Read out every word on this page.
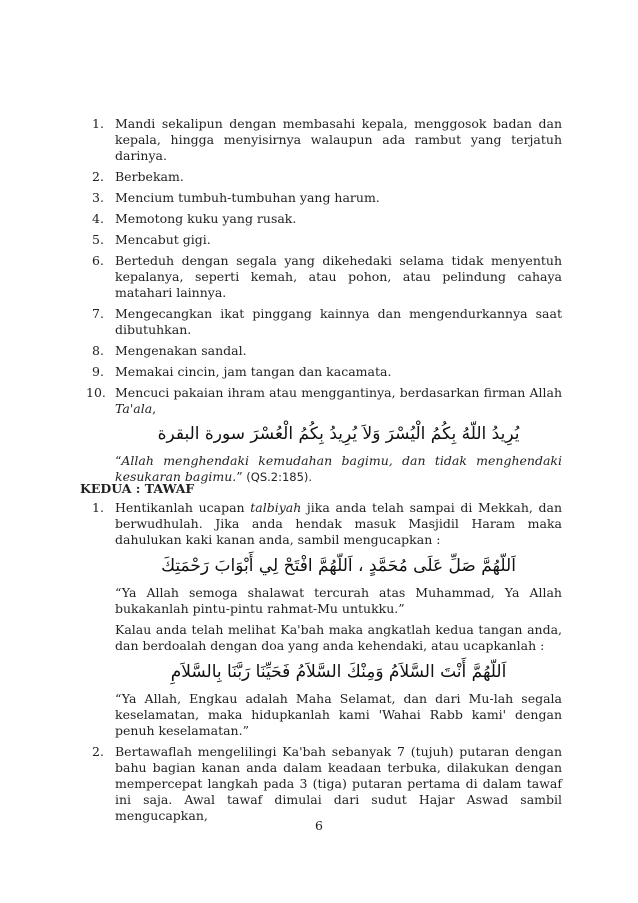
1. Mandi sekalipun dengan membasahi kepala, menggosok badan dan kepala, hingga menyisirnya walaupun ada rambut yang terjatuh darinya.
2. Berbekam.
3. Mencium tumbuh-tumbuhan yang harum.
4. Memotong kuku yang rusak.
5. Mencabut gigi.
6. Berteduh dengan segala yang dikehedaki selama tidak menyentuh kepalanya, seperti kemah, atau pohon, atau pelindung cahaya matahari lainnya.
7. Mengecangkan ikat pinggang kainnya dan mengendurkannya saat dibutuhkan.
8. Mengenakan sandal.
9. Memakai cincin, jam tangan dan kacamata.
10. Mencuci pakaian ihram atau menggantinya, berdasarkan firman Allah Ta'ala,
يُرِيدُ اللّهُ بِكُمُ الْيُسْرَ وَلاَ يُرِيدُ بِكُمُ الْعُسْرَ سورة البقرة
“Allah menghendaki kemudahan bagimu, dan tidak menghendaki kesukaran bagimu.” (QS.2:185).
KEDUA : TAWAF
1. Hentikanlah ucapan talbiyah jika anda telah sampai di Mekkah, dan berwudhulah. Jika anda hendak masuk Masjidil Haram maka dahulukan kaki kanan anda, sambil mengucapkan :
اَللّهُمَّ صَلِّ عَلَى مُحَمَّدٍ ، اَللّهُمَّ افْتَحْ لِي أَبْوَابَ رَحْمَتِكَ
“Ya Allah semoga shalawat tercurah atas Muhammad, Ya Allah bukakanlah pintu-pintu rahmat-Mu untukku.”
Kalau anda telah melihat Ka'bah maka angkatlah kedua tangan anda, dan berdoalah dengan doa yang anda kehendaki, atau ucapkanlah :
اَللّهُمَّ أَنْتَ السَّلاَمُ وَمِنْكَ السَّلاَمُ فَحَيِّنَا رَبَّنَا بِالسَّلاَمِ
“Ya Allah, Engkau adalah Maha Selamat, dan dari Mu-lah segala keselamatan, maka hidupkanlah kami 'Wahai Rabb kami' dengan penuh keselamatan.”
2. Bertawaflah mengelilingi Ka'bah sebanyak 7 (tujuh) putaran dengan bahu bagian kanan anda dalam keadaan terbuka, dilakukan dengan mempercepat langkah pada 3 (tiga) putaran pertama di dalam tawaf ini saja. Awal tawaf dimulai dari sudut Hajar Aswad sambil mengucapkan,
6
